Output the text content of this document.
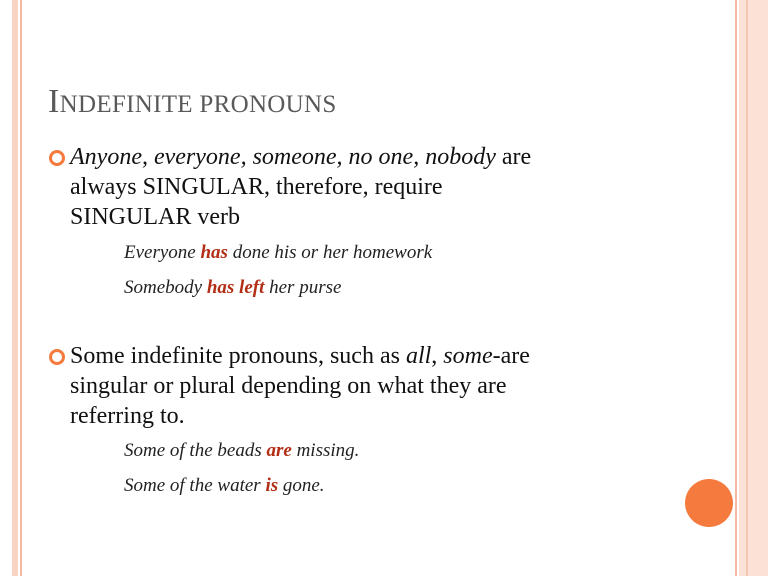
INDEFINITE PRONOUNS
Anyone, everyone, someone, no one, nobody are
always SINGULAR, therefore, require
SINGULAR verb
Everyone has done his or her homework
Somebody has left her purse
Some indefinite pronouns, such as all, some-are
singular or plural depending on what they are
referring to.
Some of the beads are missing.
Some of the water is gone.
